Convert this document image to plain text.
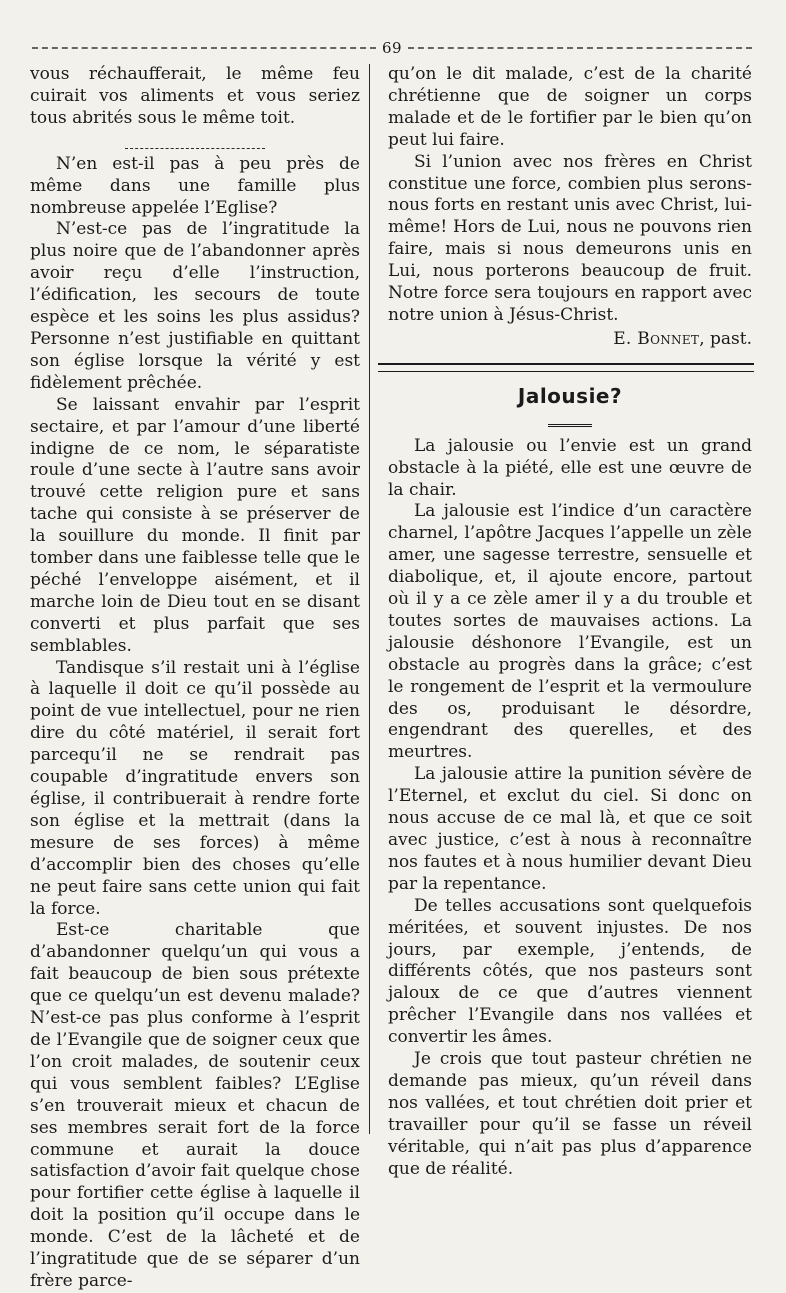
69

vous réchaufferait, le même feu cuirait vos aliments et vous seriez tous abrités sous le même toit.

N’en est-il pas à peu près de même dans une famille plus nombreuse appelée l’Eglise?

N’est-ce pas de l’ingratitude la plus noire que de l’abandonner après avoir reçu d’elle l’instruction, l’édification, les secours de toute espèce et les soins les plus assidus? Personne n’est justifiable en quittant son église lorsque la vérité y est fidèlement prêchée.

Se laissant envahir par l’esprit sectaire, et par l’amour d’une liberté indigne de ce nom, le séparatiste roule d’une secte à l’autre sans avoir trouvé cette religion pure et sans tache qui consiste à se préserver de la souillure du monde. Il finit par tomber dans une faiblesse telle que le péché l’enveloppe aisément, et il marche loin de Dieu tout en se disant converti et plus parfait que ses semblables.

Tandisque s’il restait uni à l’église à laquelle il doit ce qu’il possède au point de vue intellectuel, pour ne rien dire du côté matériel, il serait fort parcequ’il ne se rendrait pas coupable d’ingratitude envers son église, il contribuerait à rendre forte son église et la mettrait (dans la mesure de ses forces) à même d’accomplir bien des choses qu’elle ne peut faire sans cette union qui fait la force.

Est-ce charitable que d’abandonner quelqu’un qui vous a fait beaucoup de bien sous prétexte que ce quelqu’un est devenu malade? N’est-ce pas plus conforme à l’esprit de l’Evangile que de soigner ceux que l’on croit malades, de soutenir ceux qui vous semblent faibles? L’Eglise s’en trouverait mieux et chacun de ses membres serait fort de la force commune et aurait la douce satisfaction d’avoir fait quelque chose pour fortifier cette église à laquelle il doit la position qu’il occupe dans le monde. C’est de la lâcheté et de l’ingratitude que de se séparer d’un frère parce-

qu’on le dit malade, c’est de la charité chrétienne que de soigner un corps malade et de le fortifier par le bien qu’on peut lui faire.

Si l’union avec nos frères en Christ constitue une force, combien plus serons-nous forts en restant unis avec Christ, lui-même! Hors de Lui, nous ne pouvons rien faire, mais si nous demeurons unis en Lui, nous porterons beaucoup de fruit. Notre force sera toujours en rapport avec notre union à Jésus-Christ.

E. Bonnet, past.

Jalousie?

La jalousie ou l’envie est un grand obstacle à la piété, elle est une œuvre de la chair.

La jalousie est l’indice d’un caractère charnel, l’apôtre Jacques l’appelle un zèle amer, une sagesse terrestre, sensuelle et diabolique, et, il ajoute encore, partout où il y a ce zèle amer il y a du trouble et toutes sortes de mauvaises actions. La jalousie déshonore l’Evangile, est un obstacle au progrès dans la grâce; c’est le rongement de l’esprit et la vermoulure des os, produisant le désordre, engendrant des querelles, et des meurtres.

La jalousie attire la punition sévère de l’Eternel, et exclut du ciel. Si donc on nous accuse de ce mal là, et que ce soit avec justice, c’est à nous à reconnaître nos fautes et à nous humilier devant Dieu par la repentance.

De telles accusations sont quelquefois méritées, et souvent injustes. De nos jours, par exemple, j’entends, de différents côtés, que nos pasteurs sont jaloux de ce que d’autres viennent prêcher l’Evangile dans nos vallées et convertir les âmes.

Je crois que tout pasteur chrétien ne demande pas mieux, qu’un réveil dans nos vallées, et tout chrétien doit prier et travailler pour qu’il se fasse un réveil véritable, qui n’ait pas plus d’apparence que de réalité.
